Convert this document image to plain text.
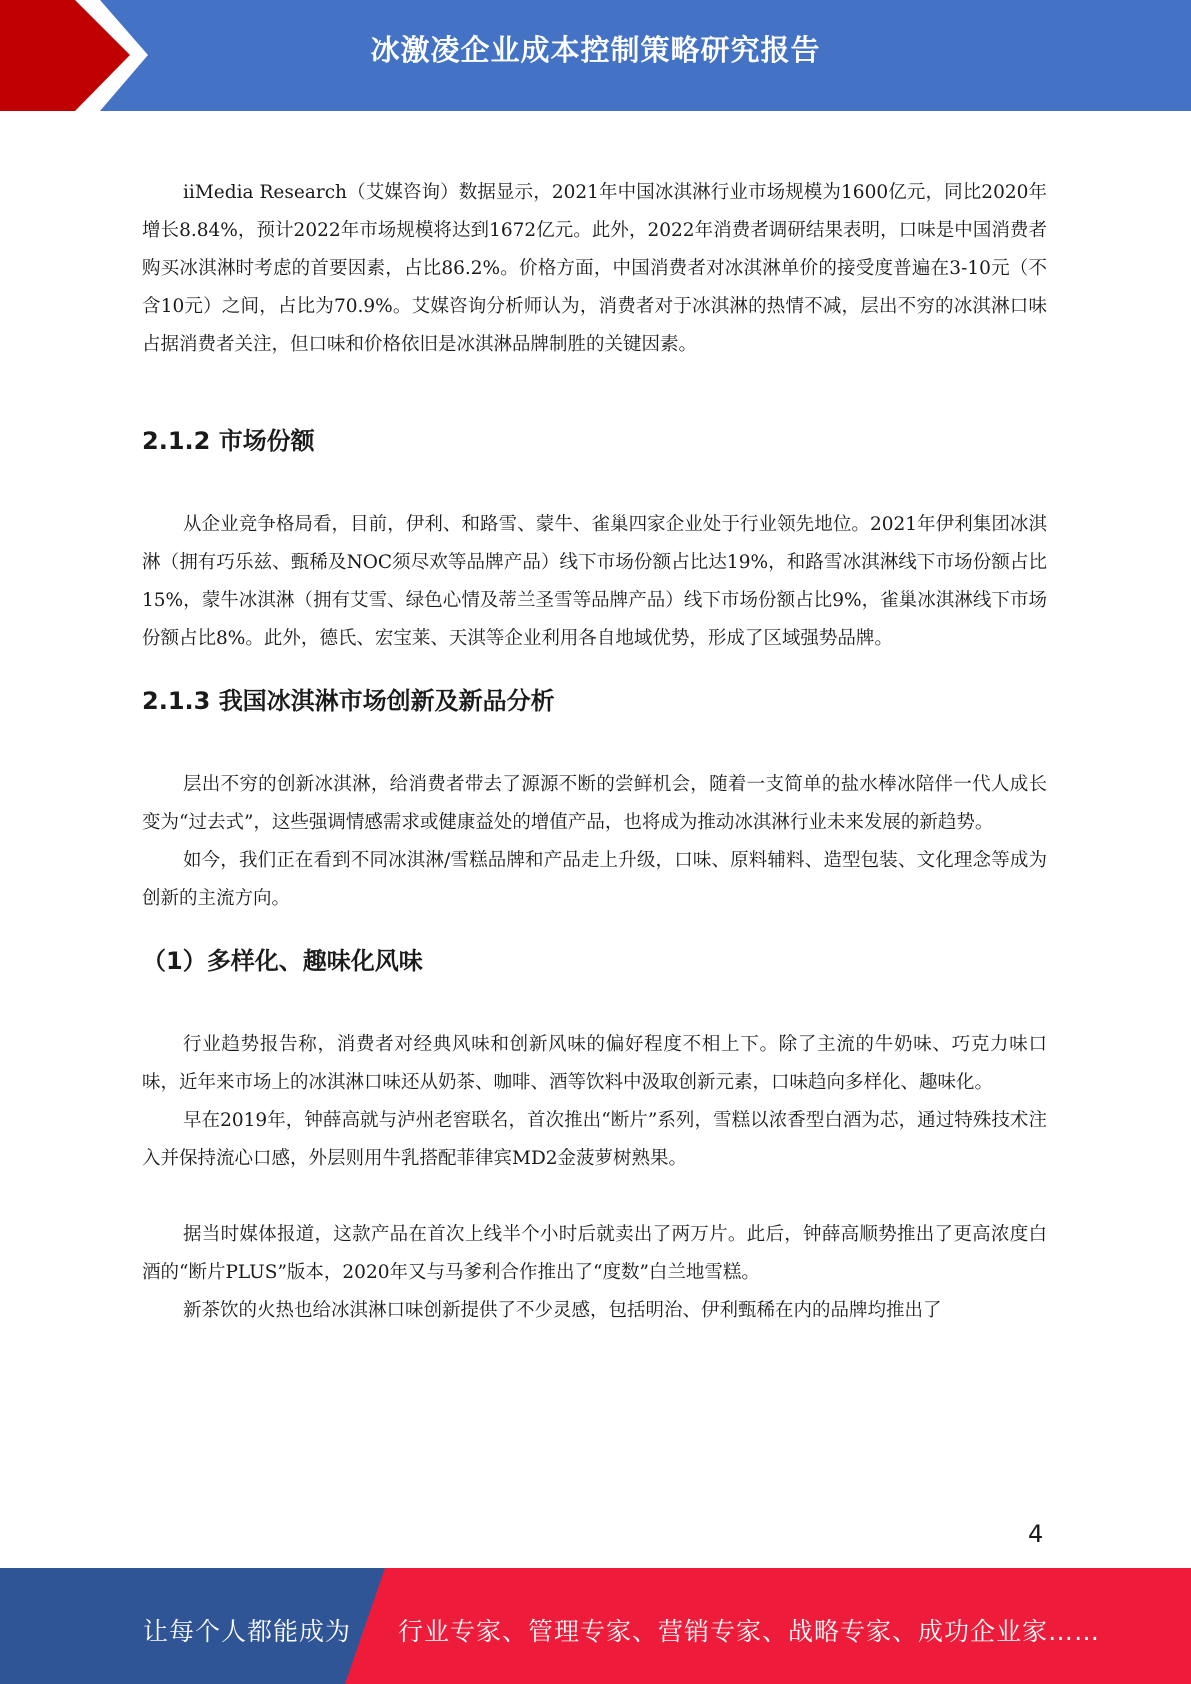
冰激凌企业成本控制策略研究报告

iiMedia Research（艾媒咨询）数据显示，2021年中国冰淇淋行业市场规模为1600亿元，同比2020年增长8.84%，预计2022年市场规模将达到1672亿元。此外，2022年消费者调研结果表明，口味是中国消费者购买冰淇淋时考虑的首要因素，占比86.2%。价格方面，中国消费者对冰淇淋单价的接受度普遍在3-10元（不含10元）之间，占比为70.9%。艾媒咨询分析师认为，消费者对于冰淇淋的热情不减，层出不穷的冰淇淋口味占据消费者关注，但口味和价格依旧是冰淇淋品牌制胜的关键因素。

2.1.2 市场份额

从企业竞争格局看，目前，伊利、和路雪、蒙牛、雀巢四家企业处于行业领先地位。2021年伊利集团冰淇淋（拥有巧乐兹、甄稀及NOC须尽欢等品牌产品）线下市场份额占比达19%，和路雪冰淇淋线下市场份额占比15%，蒙牛冰淇淋（拥有艾雪、绿色心情及蒂兰圣雪等品牌产品）线下市场份额占比9%，雀巢冰淇淋线下市场份额占比8%。此外，德氏、宏宝莱、天淇等企业利用各自地域优势，形成了区域强势品牌。

2.1.3 我国冰淇淋市场创新及新品分析

层出不穷的创新冰淇淋，给消费者带去了源源不断的尝鲜机会，随着一支简单的盐水棒冰陪伴一代人成长变为“过去式”，这些强调情感需求或健康益处的增值产品，也将成为推动冰淇淋行业未来发展的新趋势。

如今，我们正在看到不同冰淇淋/雪糕品牌和产品走上升级，口味、原料辅料、造型包装、文化理念等成为创新的主流方向。

（1）多样化、趣味化风味

行业趋势报告称，消费者对经典风味和创新风味的偏好程度不相上下。除了主流的牛奶味、巧克力味口味，近年来市场上的冰淇淋口味还从奶茶、咖啡、酒等饮料中汲取创新元素，口味趋向多样化、趣味化。

早在2019年，钟薛高就与泸州老窖联名，首次推出“断片”系列，雪糕以浓香型白酒为芯，通过特殊技术注入并保持流心口感，外层则用牛乳搭配菲律宾MD2金菠萝树熟果。

据当时媒体报道，这款产品在首次上线半个小时后就卖出了两万片。此后，钟薛高顺势推出了更高浓度白酒的“断片PLUS”版本，2020年又与马爹利合作推出了“度数”白兰地雪糕。

新茶饮的火热也给冰淇淋口味创新提供了不少灵感，包括明治、伊利甄稀在内的品牌均推出了

4
让每个人都能成为 行业专家、管理专家、营销专家、战略专家、成功企业家……
